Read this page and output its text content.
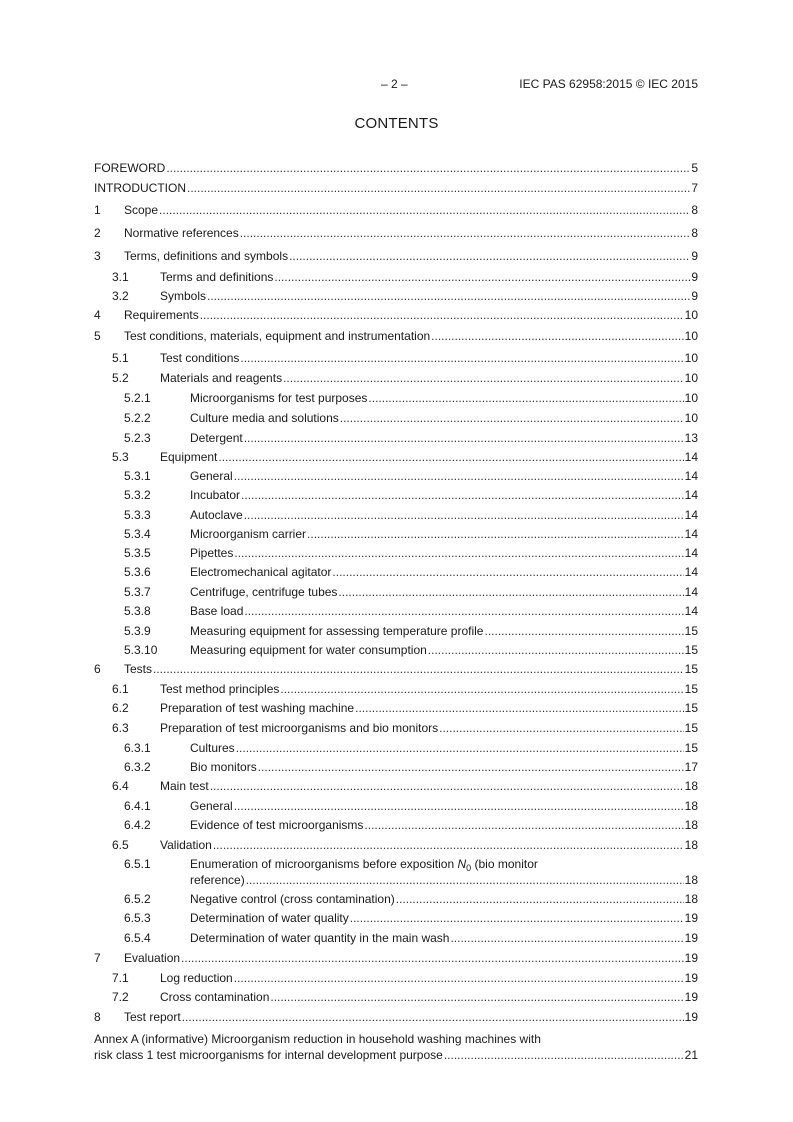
– 2 –	IEC PAS 62958:2015 © IEC 2015
CONTENTS
FOREWORD .....	5
INTRODUCTION .....	7
1 Scope .....	8
2 Normative references .....	8
3 Terms, definitions and symbols .....	9
3.1	Terms and definitions .....	9
3.2	Symbols .....	9
4 Requirements .....	10
5 Test conditions, materials, equipment and instrumentation .....	10
5.1	Test conditions .....	10
5.2	Materials and reagents .....	10
5.2.1	Microorganisms for test purposes .....	10
5.2.2	Culture media and solutions .....	10
5.2.3	Detergent .....	13
5.3	Equipment .....	14
5.3.1	General .....	14
5.3.2	Incubator .....	14
5.3.3	Autoclave .....	14
5.3.4	Microorganism carrier .....	14
5.3.5	Pipettes .....	14
5.3.6	Electromechanical agitator .....	14
5.3.7	Centrifuge, centrifuge tubes .....	14
5.3.8	Base load .....	14
5.3.9	Measuring equipment for assessing temperature profile .....	15
5.3.10	Measuring equipment for water consumption .....	15
6 Tests .....	15
6.1	Test method principles .....	15
6.2	Preparation of test washing machine .....	15
6.3	Preparation of test microorganisms and bio monitors .....	15
6.3.1	Cultures .....	15
6.3.2	Bio monitors .....	17
6.4	Main test .....	18
6.4.1	General .....	18
6.4.2	Evidence of test microorganisms .....	18
6.5	Validation .....	18
6.5.1	Enumeration of microorganisms before exposition $N_0$ (bio monitor
reference) .....	18
6.5.2	Negative control (cross contamination) .....	18
6.5.3	Determination of water quality .....	19
6.5.4	Determination of water quantity in the main wash .....	19
7 Evaluation .....	19
7.1	Log reduction .....	19
7.2	Cross contamination .....	19
8 Test report .....	19
Annex A (informative) Microorganism reduction in household washing machines with
risk class 1 test microorganisms for internal development purpose .....	21
